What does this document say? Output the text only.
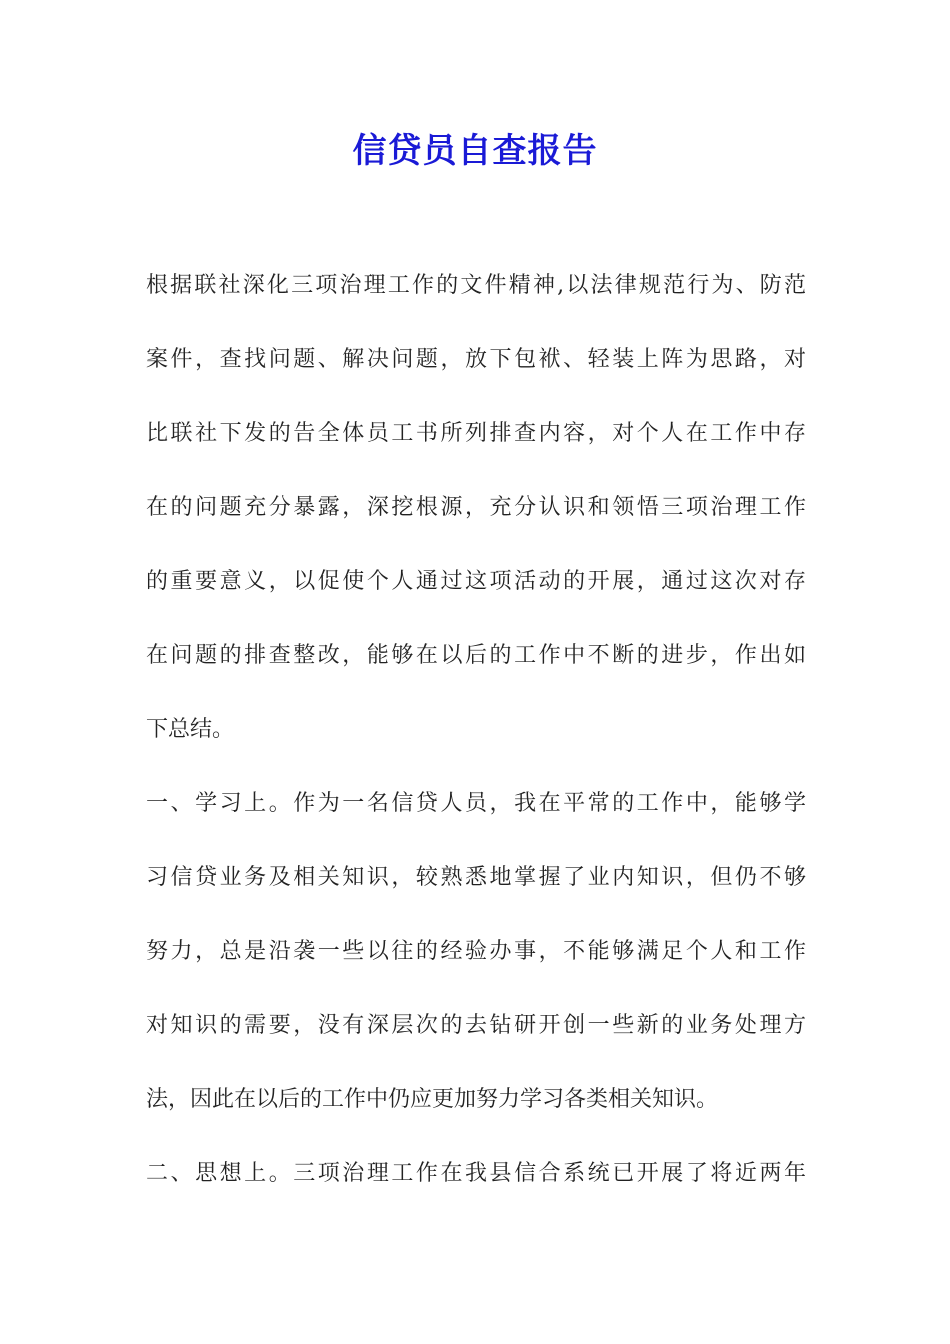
信贷员自查报告
根据联社深化三项治理工作的文件精神,以法律规范行为、防范
案件，查找问题、解决问题，放下包袱、轻装上阵为思路，对
比联社下发的告全体员工书所列排查内容，对个人在工作中存
在的问题充分暴露，深挖根源，充分认识和领悟三项治理工作
的重要意义，以促使个人通过这项活动的开展，通过这次对存
在问题的排查整改，能够在以后的工作中不断的进步，作出如
下总结。
一、学习上。作为一名信贷人员，我在平常的工作中，能够学
习信贷业务及相关知识，较熟悉地掌握了业内知识，但仍不够
努力，总是沿袭一些以往的经验办事，不能够满足个人和工作
对知识的需要，没有深层次的去钻研开创一些新的业务处理方
法，因此在以后的工作中仍应更加努力学习各类相关知识。
二、思想上。三项治理工作在我县信合系统已开展了将近两年
